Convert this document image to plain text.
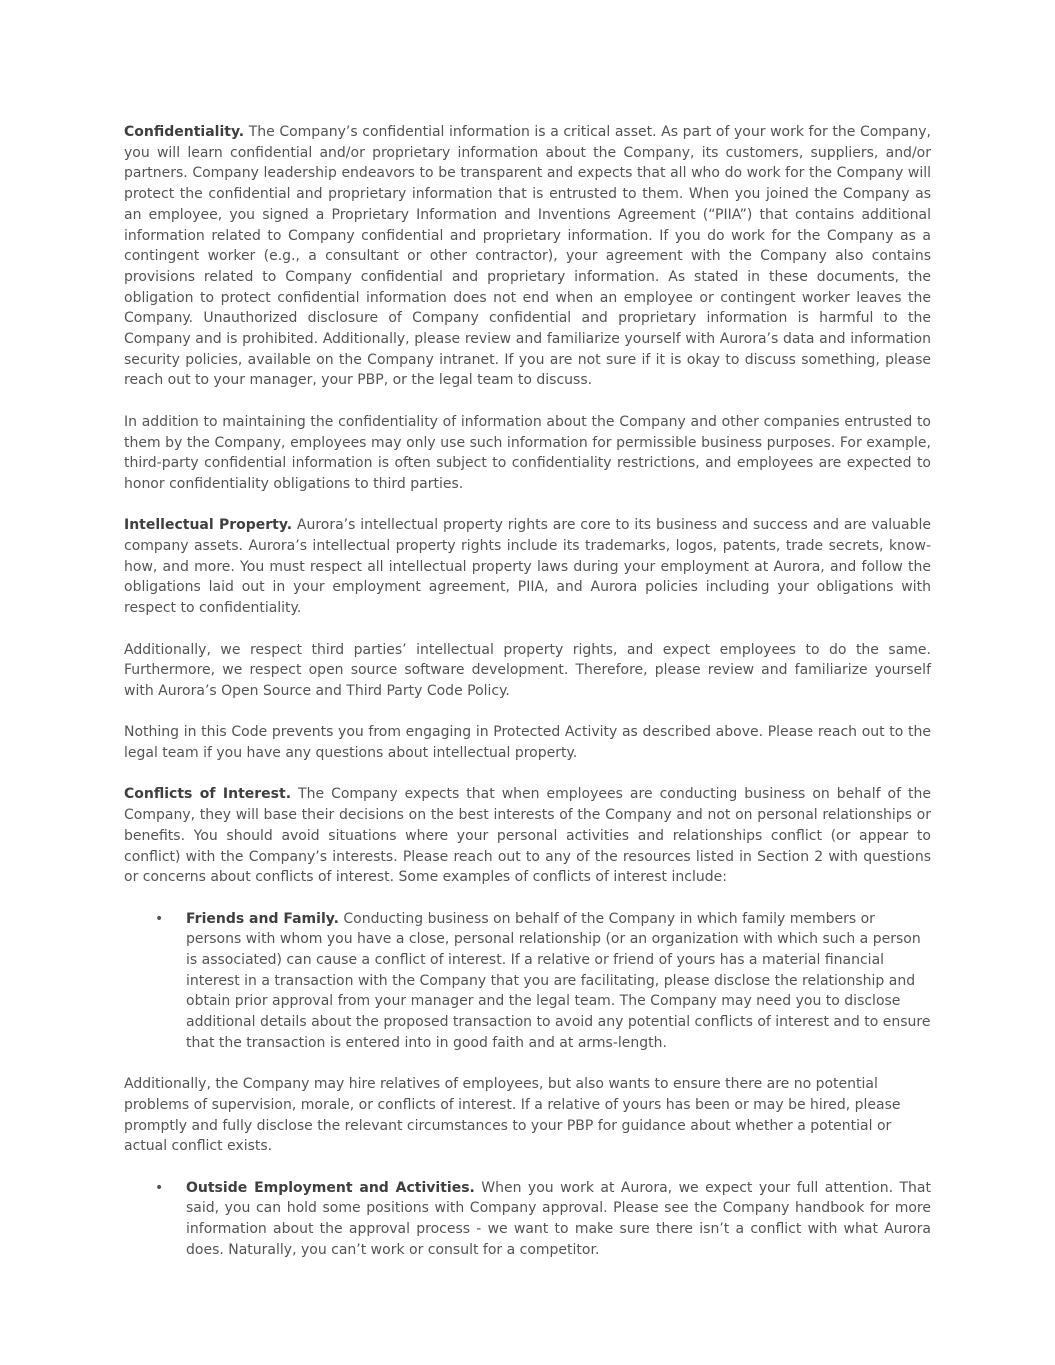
Confidentiality. The Company’s confidential information is a critical asset. As part of your work for the Company, you will learn confidential and/or proprietary information about the Company, its customers, suppliers, and/or partners. Company leadership endeavors to be transparent and expects that all who do work for the Company will protect the confidential and proprietary information that is entrusted to them. When you joined the Company as an employee, you signed a Proprietary Information and Inventions Agreement (“PIIA”) that contains additional information related to Company confidential and proprietary information. If you do work for the Company as a contingent worker (e.g., a consultant or other contractor), your agreement with the Company also contains provisions related to Company confidential and proprietary information. As stated in these documents, the obligation to protect confidential information does not end when an employee or contingent worker leaves the Company. Unauthorized disclosure of Company confidential and proprietary information is harmful to the Company and is prohibited. Additionally, please review and familiarize yourself with Aurora’s data and information security policies, available on the Company intranet. If you are not sure if it is okay to discuss something, please reach out to your manager, your PBP, or the legal team to discuss.

In addition to maintaining the confidentiality of information about the Company and other companies entrusted to them by the Company, employees may only use such information for permissible business purposes. For example, third-party confidential information is often subject to confidentiality restrictions, and employees are expected to honor confidentiality obligations to third parties.

Intellectual Property. Aurora’s intellectual property rights are core to its business and success and are valuable company assets. Aurora’s intellectual property rights include its trademarks, logos, patents, trade secrets, know-how, and more. You must respect all intellectual property laws during your employment at Aurora, and follow the obligations laid out in your employment agreement, PIIA, and Aurora policies including your obligations with respect to confidentiality.

Additionally, we respect third parties’ intellectual property rights, and expect employees to do the same. Furthermore, we respect open source software development. Therefore, please review and familiarize yourself with Aurora’s Open Source and Third Party Code Policy.

Nothing in this Code prevents you from engaging in Protected Activity as described above. Please reach out to the legal team if you have any questions about intellectual property.

Conflicts of Interest. The Company expects that when employees are conducting business on behalf of the Company, they will base their decisions on the best interests of the Company and not on personal relationships or benefits. You should avoid situations where your personal activities and relationships conflict (or appear to conflict) with the Company’s interests. Please reach out to any of the resources listed in Section 2 with questions or concerns about conflicts of interest. Some examples of conflicts of interest include:

• Friends and Family. Conducting business on behalf of the Company in which family members or persons with whom you have a close, personal relationship (or an organization with which such a person is associated) can cause a conflict of interest. If a relative or friend of yours has a material financial interest in a transaction with the Company that you are facilitating, please disclose the relationship and obtain prior approval from your manager and the legal team. The Company may need you to disclose additional details about the proposed transaction to avoid any potential conflicts of interest and to ensure that the transaction is entered into in good faith and at arms-length.

Additionally, the Company may hire relatives of employees, but also wants to ensure there are no potential problems of supervision, morale, or conflicts of interest. If a relative of yours has been or may be hired, please promptly and fully disclose the relevant circumstances to your PBP for guidance about whether a potential or actual conflict exists.

• Outside Employment and Activities. When you work at Aurora, we expect your full attention. That said, you can hold some positions with Company approval. Please see the Company handbook for more information about the approval process - we want to make sure there isn’t a conflict with what Aurora does. Naturally, you can’t work or consult for a competitor.
